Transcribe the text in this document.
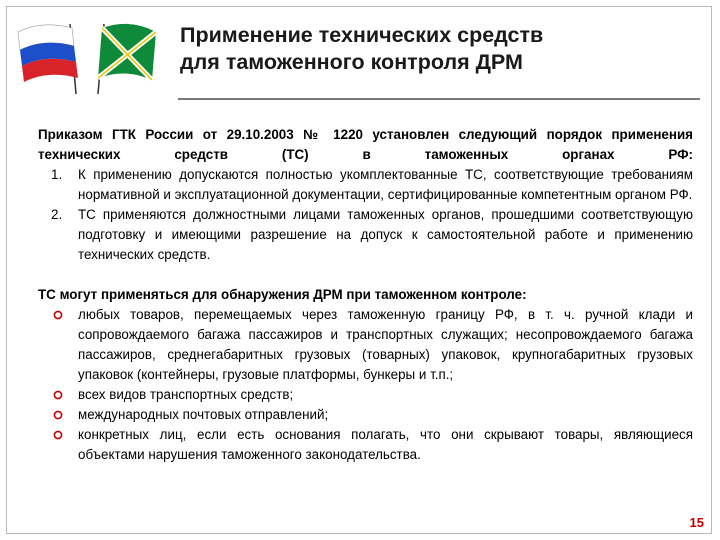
Применение технических средств
для таможенного контроля ДРМ

Приказом ГТК России от 29.10.2003 № 1220 установлен следующий порядок применения технических средств (ТС) в таможенных органах РФ:

1. К применению допускаются полностью укомплектованные ТС, соответствующие требованиям нормативной и эксплуатационной документации, сертифицированные компетентным органом РФ.
2. ТС применяются должностными лицами таможенных органов, прошедшими соответствующую подготовку и имеющими разрешение на допуск к самостоятельной работе и применению технических средств.

ТС могут применяться для обнаружения ДРМ при таможенном контроле:

любых товаров, перемещаемых через таможенную границу РФ, в т. ч. ручной клади и сопровождаемого багажа пассажиров и транспортных служащих; несопровождаемого багажа пассажиров, среднегабаритных грузовых (товарных) упаковок, крупногабаритных грузовых упаковок (контейнеры, грузовые платформы, бункеры и т.п.;
всех видов транспортных средств;
международных почтовых отправлений;
конкретных лиц, если есть основания полагать, что они скрывают товары, являющиеся объектами нарушения таможенного законодательства.
15
